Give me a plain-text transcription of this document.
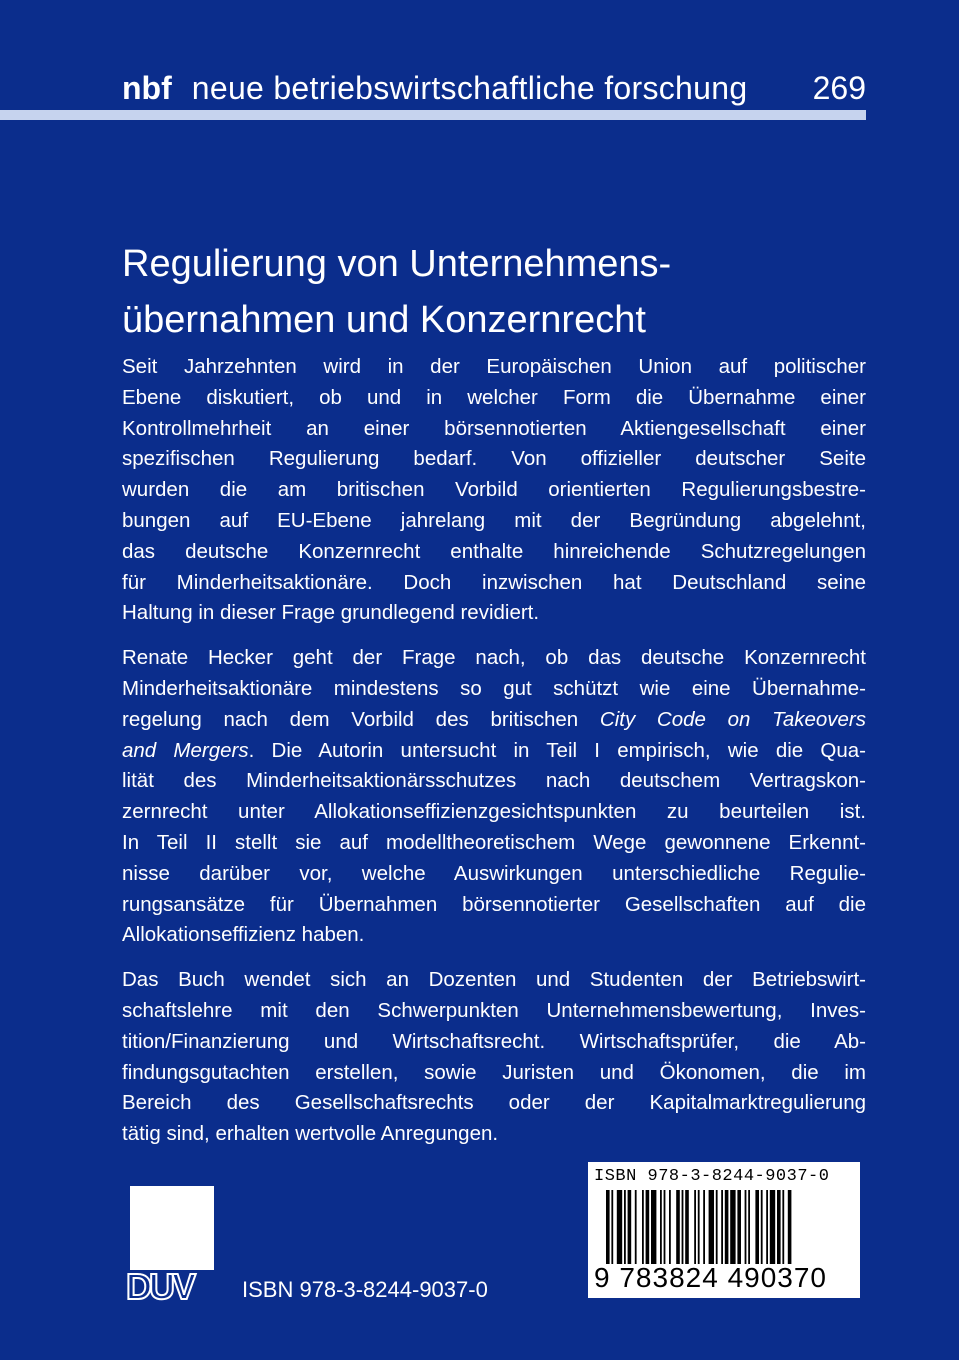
nbf neue betriebswirtschaftliche forschung	269
Regulierung von Unternehmens-
übernahmen und Konzernrecht
Seit Jahrzehnten wird in der Europäischen Union auf politischer
Ebene diskutiert, ob und in welcher Form die Übernahme einer
Kontrollmehrheit an einer börsennotierten Aktiengesellschaft einer
spezifischen Regulierung bedarf. Von offizieller deutscher Seite
wurden die am britischen Vorbild orientierten Regulierungsbestre-
bungen auf EU-Ebene jahrelang mit der Begründung abgelehnt,
das deutsche Konzernrecht enthalte hinreichende Schutzregelungen
für Minderheitsaktionäre. Doch inzwischen hat Deutschland seine
Haltung in dieser Frage grundlegend revidiert.
Renate Hecker geht der Frage nach, ob das deutsche Konzernrecht
Minderheitsaktionäre mindestens so gut schützt wie eine Übernahme-
regelung nach dem Vorbild des britischen City Code on Takeovers
and Mergers. Die Autorin untersucht in Teil I empirisch, wie die Qua-
lität des Minderheitsaktionärsschutzes nach deutschem Vertragskon-
zernrecht unter Allokationseffizienzgesichtspunkten zu beurteilen ist.
In Teil II stellt sie auf modelltheoretischem Wege gewonnene Erkennt-
nisse darüber vor, welche Auswirkungen unterschiedliche Regulie-
rungsansätze für Übernahmen börsennotierter Gesellschaften auf die
Allokationseffizienz haben.
Das Buch wendet sich an Dozenten und Studenten der Betriebswirt-
schaftslehre mit den Schwerpunkten Unternehmensbewertung, Inves-
tition/Finanzierung und Wirtschaftsrecht. Wirtschaftsprüfer, die Ab-
findungsgutachten erstellen, sowie Juristen und Ökonomen, die im
Bereich des Gesellschaftsrechts oder der Kapitalmarktregulierung
tätig sind, erhalten wertvolle Anregungen.
DUV ISBN 978-3-8244-9037-0
ISBN 978-3-8244-9037-0
9 783824 490370
